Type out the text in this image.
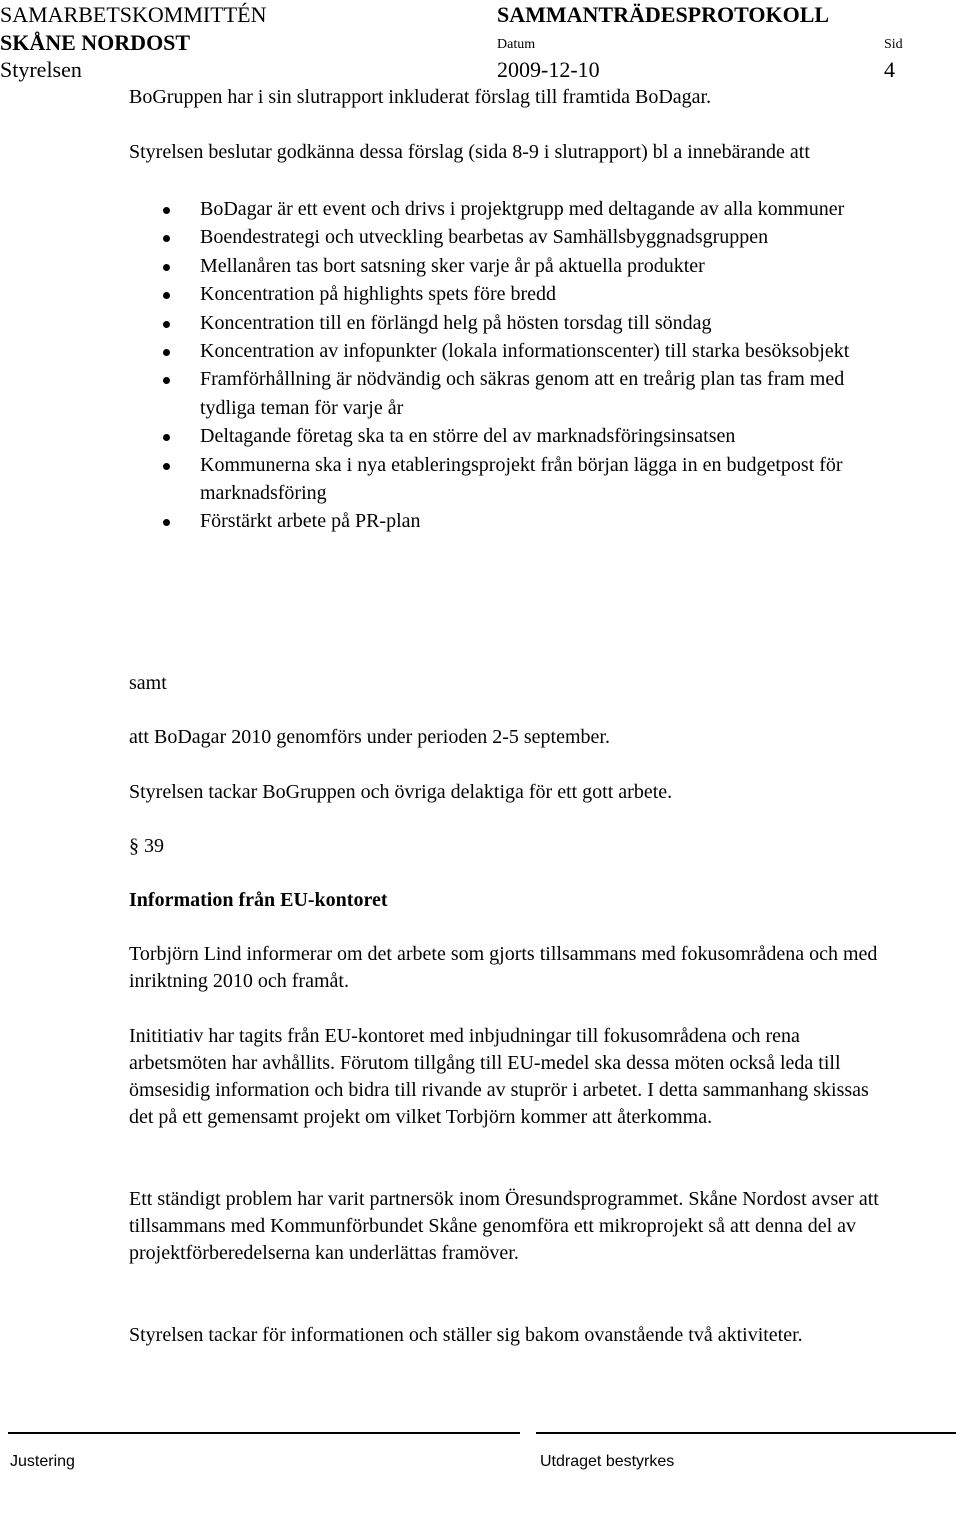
SAMARBETSKOMMITTÉN
SKÅNE NORDOST
Styrelsen
SAMMANTRÄDESPROTOKOLL
Datum
2009-12-10
Sid
4
BoGruppen har i sin slutrapport inkluderat förslag till framtida BoDagar.
Styrelsen beslutar godkänna dessa förslag (sida 8-9 i slutrapport) bl a innebärande att
BoDagar är ett event och drivs i projektgrupp med deltagande av alla kommuner
Boendestrategi och utveckling bearbetas av Samhällsbyggnadsgruppen
Mellanåren tas bort satsning sker varje år på aktuella produkter
Koncentration på highlights spets före bredd
Koncentration till en förlängd helg på hösten torsdag till söndag
Koncentration av infopunkter (lokala informationscenter) till starka besöksobjekt
Framförhållning är nödvändig och säkras genom att en treårig plan tas fram med tydliga teman för varje år
Deltagande företag ska ta en större del av marknadsföringsinsatsen
Kommunerna ska i nya etableringsprojekt från början lägga in en budgetpost för marknadsföring
Förstärkt arbete på PR-plan
samt
att BoDagar 2010 genomförs under perioden 2-5 september.
Styrelsen tackar BoGruppen och övriga delaktiga för ett gott arbete.
§ 39
Information från EU-kontoret
Torbjörn Lind informerar om det arbete som gjorts tillsammans med fokusområdena och med inriktning 2010 och framåt.
Inititiativ har tagits från EU-kontoret med inbjudningar till fokusområdena och rena arbetsmöten har avhållits. Förutom tillgång till EU-medel ska dessa möten också leda till ömsesidig information och bidra till rivande av stuprör i arbetet. I detta sammanhang skissas det på ett gemensamt projekt om vilket Torbjörn kommer att återkomma.
Ett ständigt problem har varit partnersök inom Öresundsprogrammet. Skåne Nordost avser att tillsammans med Kommunförbundet Skåne genomföra ett mikroprojekt så att denna del av projektförberedelserna kan underlättas framöver.
Styrelsen tackar för informationen och ställer sig bakom ovanstående två aktiviteter.
Justering	Utdraget bestyrkes
